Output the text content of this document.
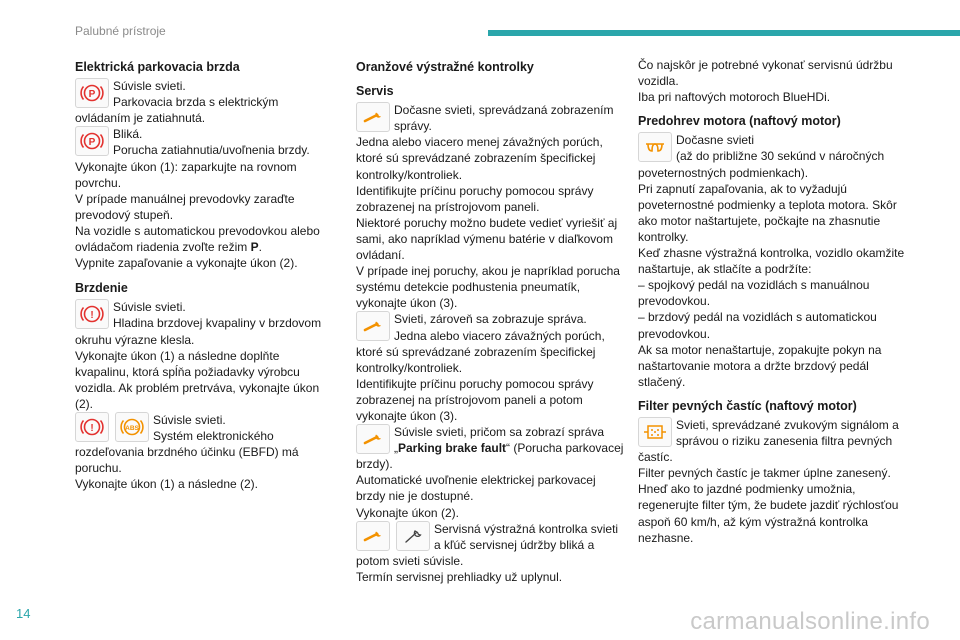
Palubné prístroje
Elektrická parkovacia brzda
P
Súvisle svieti.
Parkovacia brzda s elektrickým ovládaním je zatiahnutá.
P
Bliká.
Porucha zatiahnutia/uvoľnenia brzdy.
Vykonajte úkon (1): zaparkujte na rovnom povrchu.
V prípade manuálnej prevodovky zaraďte prevodový stupeň.
Na vozidle s automatickou prevodovkou alebo ovládačom riadenia zvoľte režim P.
Vypnite zapaľovanie a vykonajte úkon (2).
Brzdenie
!
Súvisle svieti.
Hladina brzdovej kvapaliny v brzdovom okruhu výrazne klesla.
Vykonajte úkon (1) a následne doplňte kvapalinu, ktorá spĺňa požiadavky výrobcu vozidla. Ak problém pretrváva, vykonajte úkon (2).
!	ABS
Súvisle svieti.
Systém elektronického rozdeľovania brzdného účinku (EBFD) má poruchu.
Vykonajte úkon (1) a následne (2).
Oranžové výstražné kontrolky
Servis
Dočasne svieti, sprevádzaná zobrazením správy.
Jedna alebo viacero menej závažných porúch, ktoré sú sprevádzané zobrazením špecifickej kontrolky/kontroliek.
Identifikujte príčinu poruchy pomocou správy zobrazenej na prístrojovom paneli.
Niektoré poruchy možno budete vedieť vyriešiť aj sami, ako napríklad výmenu batérie v diaľkovom ovládaní.
V prípade inej poruchy, akou je napríklad porucha systému detekcie podhustenia pneumatík, vykonajte úkon (3).
Svieti, zároveň sa zobrazuje správa.
Jedna alebo viacero závažných porúch, ktoré sú sprevádzané zobrazením špecifickej kontrolky/kontroliek.
Identifikujte príčinu poruchy pomocou správy zobrazenej na prístrojovom paneli a potom vykonajte úkon (3).
Súvisle svieti, pričom sa zobrazí správa „Parking brake fault“ (Porucha parkovacej brzdy).
Automatické uvoľnenie elektrickej parkovacej brzdy nie je dostupné.
Vykonajte úkon (2).
Servisná výstražná kontrolka svieti a kľúč servisnej údržby bliká a potom svieti súvisle.
Termín servisnej prehliadky už uplynul.
Čo najskôr je potrebné vykonať servisnú údržbu vozidla.
Iba pri naftových motoroch BlueHDi.
Predohrev motora (naftový motor)
Dočasne svieti
(až do približne 30 sekúnd v náročných poveternostných podmienkach).
Pri zapnutí zapaľovania, ak to vyžadujú poveternostné podmienky a teplota motora. Skôr ako motor naštartujete, počkajte na zhasnutie kontrolky.
Keď zhasne výstražná kontrolka, vozidlo okamžite naštartuje, ak stlačíte a podržíte:
– spojkový pedál na vozidlách s manuálnou prevodovkou.
– brzdový pedál na vozidlách s automatickou prevodovkou.
Ak sa motor nenaštartuje, zopakujte pokyn na naštartovanie motora a držte brzdový pedál stlačený.
Filter pevných častíc (naftový motor)
Svieti, sprevádzané zvukovým signálom a správou o riziku zanesenia filtra pevných častíc.
Filter pevných častíc je takmer úplne zanesený.
Hneď ako to jazdné podmienky umožnia, regenerujte filter tým, že budete jazdiť rýchlosťou aspoň 60 km/h, až kým výstražná kontrolka nezhasne.
14	carmanualsonline.info
